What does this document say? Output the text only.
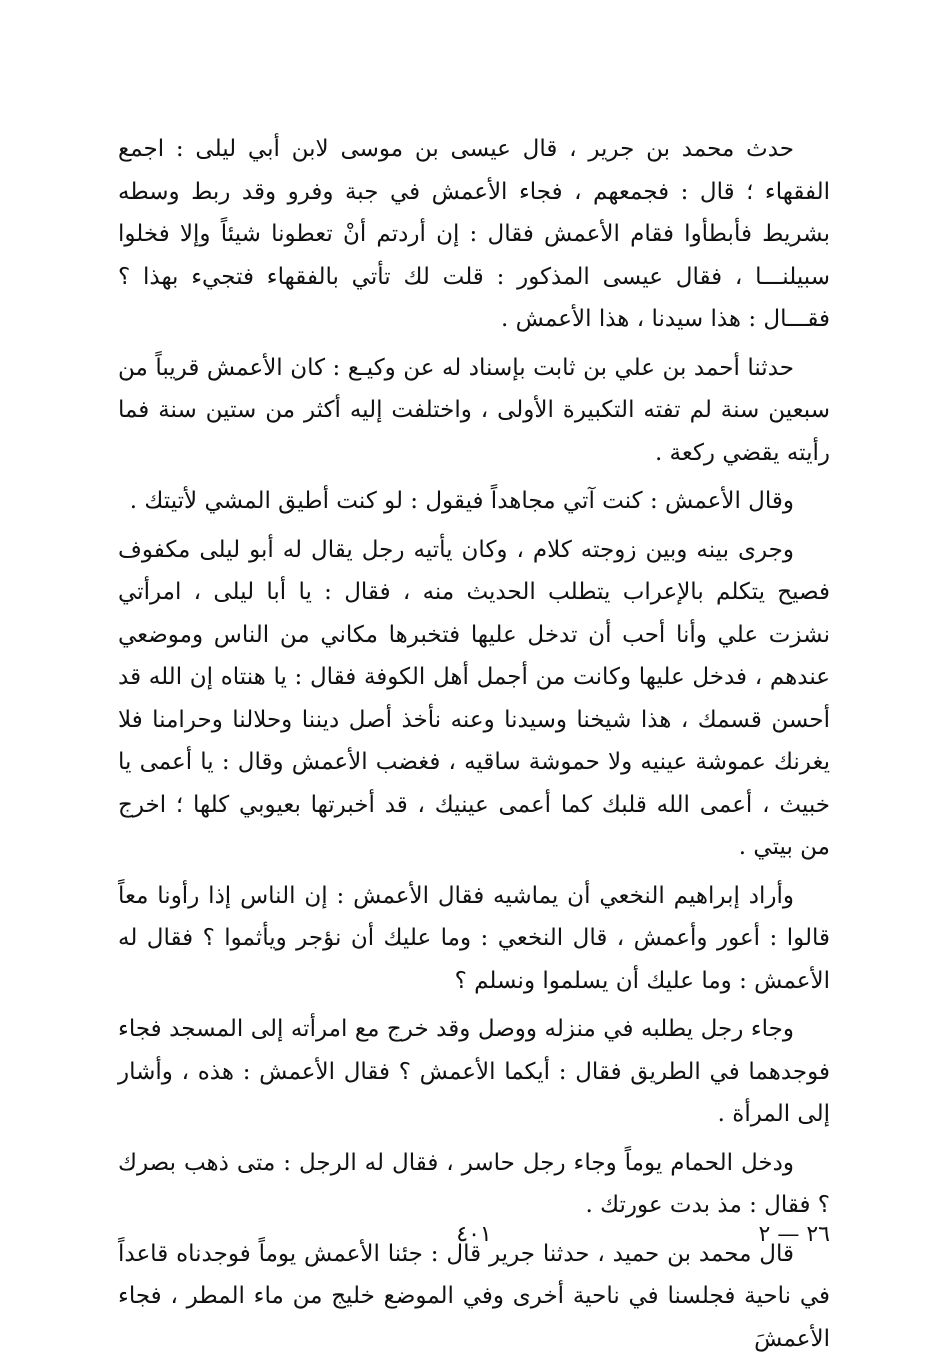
حدث محمد بن جرير ، قال عيسى بن موسى لابن أبي ليلى : اجمع الفقهاء ؛ قال : فجمعهم ، فجاء الأعمش في جبة وفرو وقد ربط وسطه بشريط فأبطأوا فقام الأعمش فقال : إن أردتم أنْ تعطونا شيئاً وإلا فخلوا سبيلنـــا ، فقال عيسى المذكور : قلت لك تأتي بالفقهاء فتجيء بهذا ؟ فقـــال : هذا سيدنا ، هذا الأعمش .

حدثنا أحمد بن علي بن ثابت بإسناد له عن وكيـع : كان الأعمش قريباً من سبعين سنة لم تفته التكبيرة الأولى ، واختلفت إليه أكثر من ستين سنة فما رأيته يقضي ركعة .

وقال الأعمش : كنت آتي مجاهداً فيقول : لو كنت أطيق المشي لأتيتك .

وجرى بينه وبين زوجته كلام ، وكان يأتيه رجل يقال له أبو ليلى مكفوف فصيح يتكلم بالإعراب يتطلب الحديث منه ، فقال : يا أبا ليلى ، امرأتي نشزت علي وأنا أحب أن تدخل عليها فتخبرها مكاني من الناس وموضعي عندهم ، فدخل عليها وكانت من أجمل أهل الكوفة فقال : يا هنتاه إن الله قد أحسن قسمك ، هذا شيخنا وسيدنا وعنه نأخذ أصل ديننا وحلالنا وحرامنا فلا يغرنك عموشة عينيه ولا حموشة ساقيه ، فغضب الأعمش وقال : يا أعمى يا خبيث ، أعمى الله قلبك كما أعمى عينيك ، قد أخبرتها بعيوبي كلها ؛ اخرج من بيتي .

وأراد إبراهيم النخعي أن يماشيه فقال الأعمش : إن الناس إذا رأونا معاً قالوا : أعور وأعمش ، قال النخعي : وما عليك أن نؤجر ويأثموا ؟ فقال له الأعمش : وما عليك أن يسلموا ونسلم ؟

وجاء رجل يطلبه في منزله ووصل وقد خرج مع امرأته إلى المسجد فجاء فوجدهما في الطريق فقال : أيكما الأعمش ؟ فقال الأعمش : هذه ، وأشار إلى المرأة .

ودخل الحمام يوماً وجاء رجل حاسر ، فقال له الرجل : متى ذهب بصرك ؟ فقال : مذ بدت عورتك .

قال محمد بن حميد ، حدثنا جرير قال : جئنا الأعمش يوماً فوجدناه قاعداً في ناحية فجلسنا في ناحية أخرى وفي الموضع خليج من ماء المطر ، فجاء الأعمشَ

٢٦ — ٢
٤٠١
